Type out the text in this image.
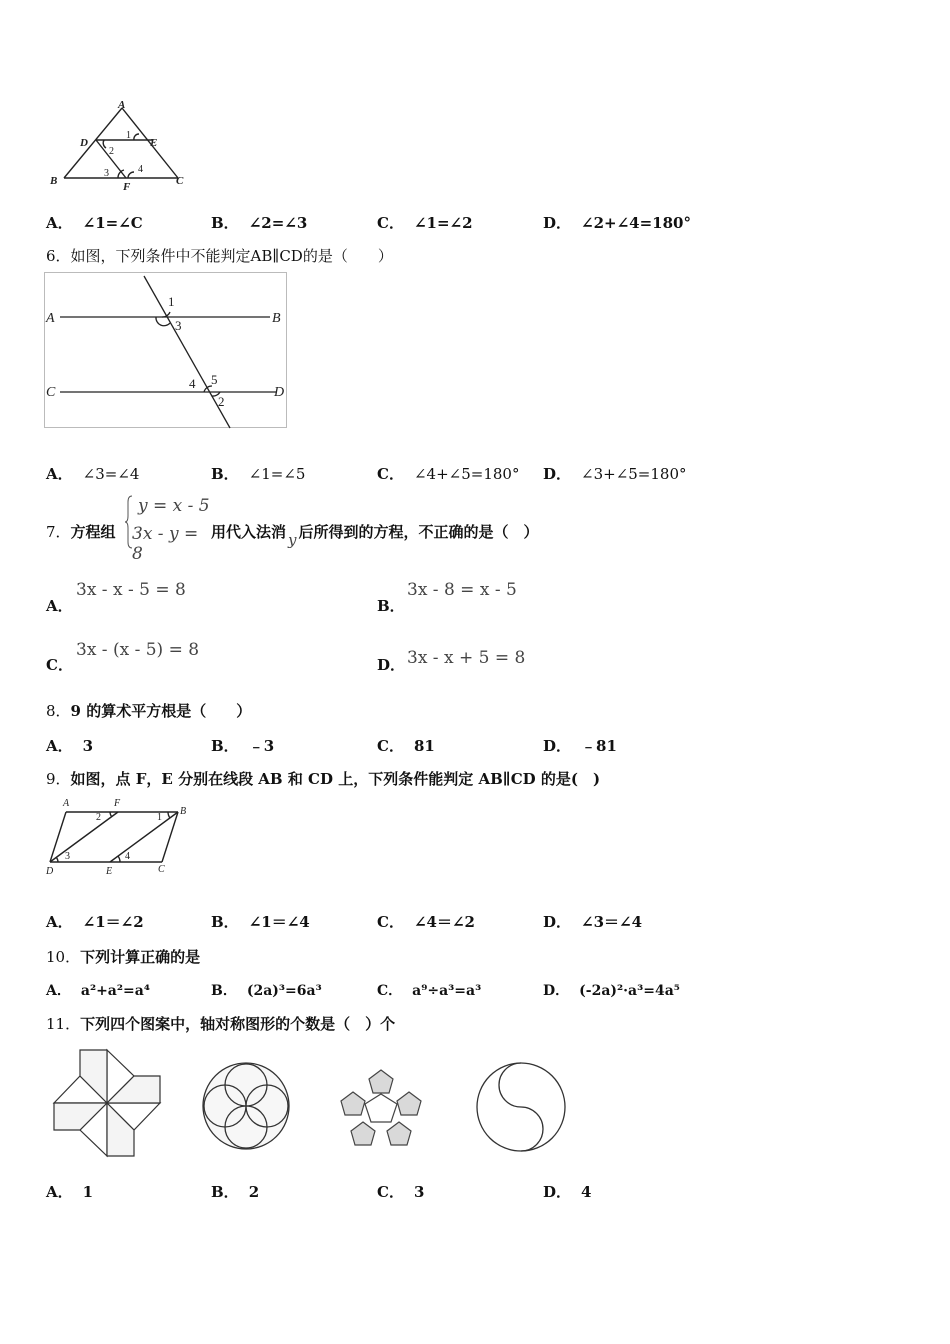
A
D	E
B	C
F
1
2
3	4
A． ∠1=∠C	B． ∠2=∠3	C． ∠1=∠2	D． ∠2+∠4=180°
6．如图，下列条件中不能判定AB∥CD的是（　　）
A	B
C	D
1
3
4 5
2
A． ∠3=∠4	B． ∠1=∠5	C． ∠4+∠5=180° D． ∠3+∠5=180°
7．方程组
y = x - 5
3x - y = 8
用代入法消 y 后所得到的方程，不正确的是（　）
A．
3x - x - 5 = 8
B．
3x - 8 = x - 5
C．
3x - (x - 5) = 8
D． 3x - x + 5 = 8
8．9 的算术平方根是（　　）
A． 3	B． ﹣3	C． 81	D． ﹣81
9．如图，点 F，E 分别在线段 AB 和 CD 上，下列条件能判定 AB∥CD 的是(　)
A	F
B
D	E	C
2	1
3	4
A． ∠1＝∠2	B． ∠1＝∠4	C． ∠4＝∠2	D． ∠3＝∠4
10．下列计算正确的是
A． a²+a²=a⁴	B． (2a)³=6a³	C． a⁹÷a³=a³	D． (-2a)²·a³=4a⁵
11．下列四个图案中，轴对称图形的个数是（　）个
A． 1	B． 2	C． 3	D． 4
